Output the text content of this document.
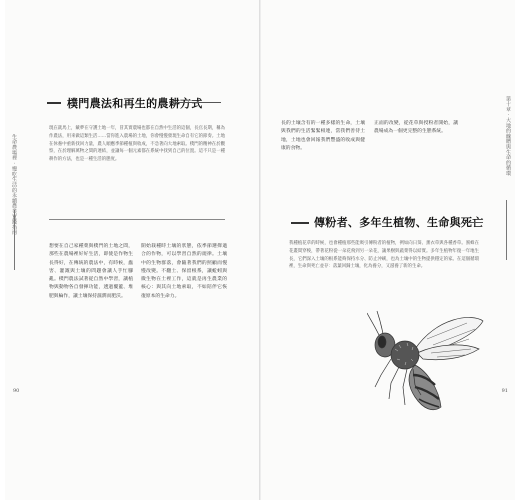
生命農場裡 · 慢吃生活的永續農業實踐指南
樸門農法和再生的農耕方式
現在就馬上，戴夢在守護土地一年，冒其實農場也都在自然中生活的這個，長官長期，稱為作農法，用來做這類生活……當你進入農場的土地，你會慢慢發現生命自有它的節奏。土地在休養中重新找回力量，農人順應季節種植與收成，不急著向大地索取。樸門的精神在於觀察，在於理解萬物之間的連結，並讓每一個元素都在系統中找到自己的位置。這不只是一種耕作的方法，也是一種生活的態度。
想要在自己家種菜與樸門的土地之間，那些在農場裡好好生活，即使是作物生長得好，在傳統的農法中，有時候，蟲害、灌溉與土壤的問題會讓人手忙腳亂。樸門農法試著從自然中學習，讓植物與動物各自發揮功能，透過覆蓋、堆肥與輪作，讓土壤保持濕潤而肥沃。
開始栽種時土壤的狀態，依季節選擇適合的作物，可以學習自然的規律。土壤中的生物群落，會隨著我們的照顧而慢慢改變。不翻土、保留根系，讓蚯蚓與微生物在土裡工作，這就是再生農業的核心：與其向土地索取，不如陪伴它恢復原本的生命力。
90
第十章 · 大地的餽贈與生命的循環
長的土壤含有的一種多樣的生命，土壤與我們的生活緊緊相連，當我們善待土地，土地也會回報我們豐盛的收成與健康的食物。
正面的改變，從花草與授粉者開始，讓農場成為一個更完整的生態系統。
傳粉者、多年生植物、生命與死亡
我種植花草的時候，也會種植那些能吸引傳粉者的植物，例如向日葵、薰衣草與各種香草。蜜蜂在花叢間穿梭，帶著花粉從一朵花飛到另一朵花，讓果樹與蔬菜得以結實。多年生植物年復一年地生長，它們深入土壤的根系能夠保持水分、防止沖刷，也為土壤中的生物提供穩定的家。在這個循環裡，生命與死亡並存：落葉回歸土壤，化為養分，又滋養了新的生命。
91
